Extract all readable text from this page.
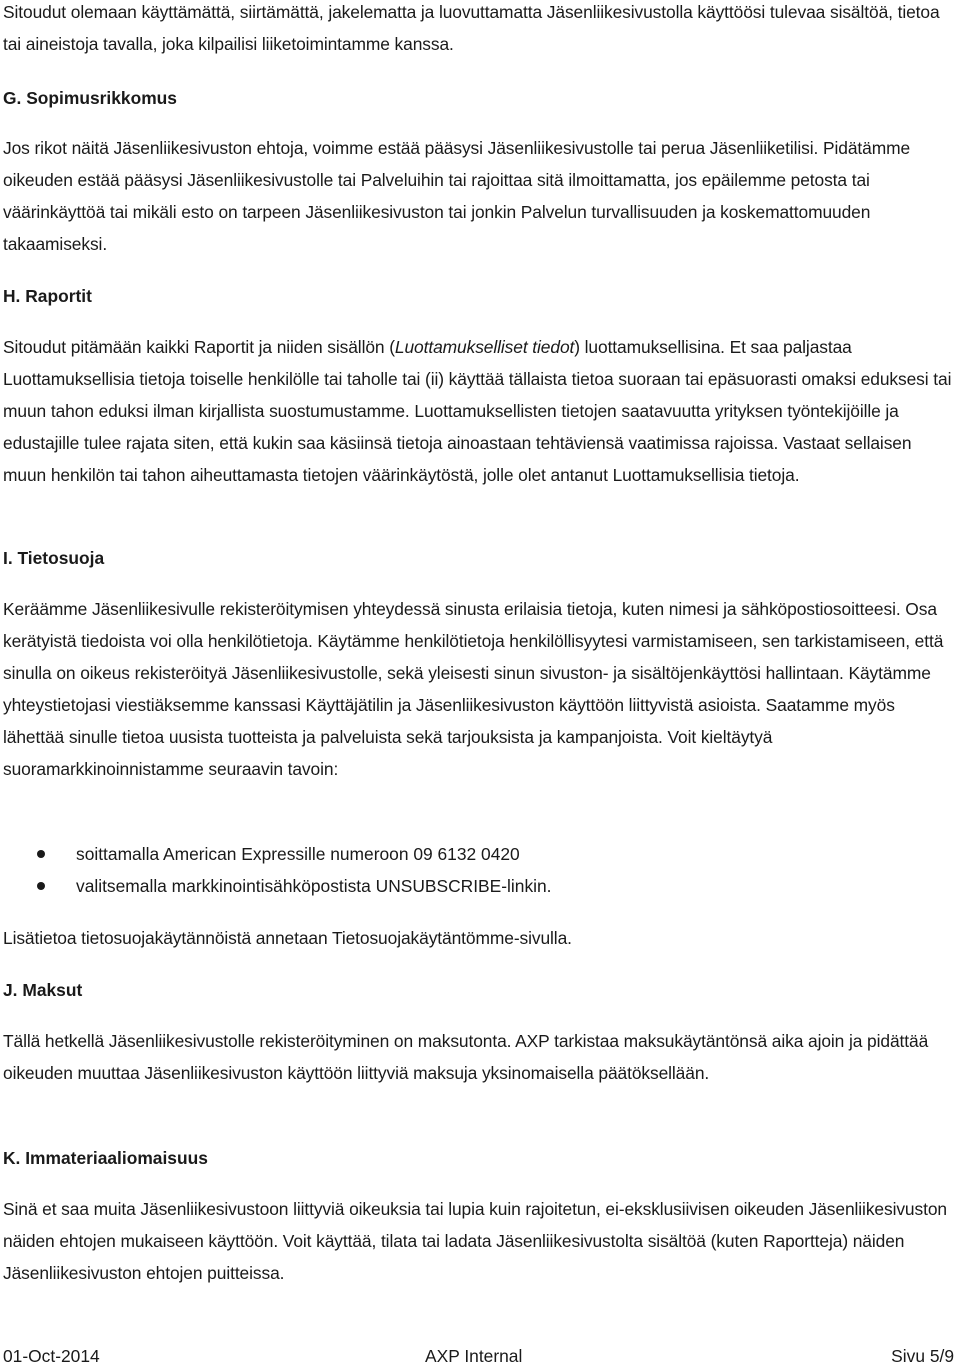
Sitoudut olemaan käyttämättä, siirtämättä, jakelematta ja luovuttamatta Jäsenliikesivustolla käyttöösi tulevaa sisältöä, tietoa tai aineistoja tavalla, joka kilpailisi liiketoimintamme kanssa.

G. Sopimusrikkomus

Jos rikot näitä Jäsenliikesivuston ehtoja, voimme estää pääsysi Jäsenliikesivustolle tai perua Jäsenliiketilisi. Pidätämme oikeuden estää pääsysi Jäsenliikesivustolle tai Palveluihin tai rajoittaa sitä ilmoittamatta, jos epäilemme petosta tai väärinkäyttöä tai mikäli esto on tarpeen Jäsenliikesivuston tai jonkin Palvelun turvallisuuden ja koskemattomuuden takaamiseksi.

H. Raportit

Sitoudut pitämään kaikki Raportit ja niiden sisällön (Luottamukselliset tiedot) luottamuksellisina. Et saa paljastaa Luottamuksellisia tietoja toiselle henkilölle tai taholle tai (ii) käyttää tällaista tietoa suoraan tai epäsuorasti omaksi eduksesi tai muun tahon eduksi ilman kirjallista suostumustamme. Luottamuksellisten tietojen saatavuutta yrityksen työntekijöille ja edustajille tulee rajata siten, että kukin saa käsiinsä tietoja ainoastaan tehtäviensä vaatimissa rajoissa. Vastaat sellaisen muun henkilön tai tahon aiheuttamasta tietojen väärinkäytöstä, jolle olet antanut Luottamuksellisia tietoja.

I. Tietosuoja

Keräämme Jäsenliikesivulle rekisteröitymisen yhteydessä sinusta erilaisia tietoja, kuten nimesi ja sähköpostiosoitteesi. Osa kerätyistä tiedoista voi olla henkilötietoja. Käytämme henkilötietoja henkilöllisyytesi varmistamiseen, sen tarkistamiseen, että sinulla on oikeus rekisteröityä Jäsenliikesivustolle, sekä yleisesti sinun sivuston- ja sisältöjenkäyttösi hallintaan. Käytämme yhteystietojasi viestiäksemme kanssasi Käyttäjätilin ja Jäsenliikesivuston käyttöön liittyvistä asioista. Saatamme myös lähettää sinulle tietoa uusista tuotteista ja palveluista sekä tarjouksista ja kampanjoista. Voit kieltäytyä suoramarkkinoinnistamme seuraavin tavoin:

soittamalla American Expressille numeroon 09 6132 0420
valitsemalla markkinointisähköpostista UNSUBSCRIBE-linkin.

Lisätietoa tietosuojakäytännöistä annetaan Tietosuojakäytäntömme-sivulla.

J. Maksut

Tällä hetkellä Jäsenliikesivustolle rekisteröityminen on maksutonta. AXP tarkistaa maksukäytäntönsä aika ajoin ja pidättää oikeuden muuttaa Jäsenliikesivuston käyttöön liittyviä maksuja yksinomaisella päätöksellään.

K. Immateriaaliomaisuus

Sinä et saa muita Jäsenliikesivustoon liittyviä oikeuksia tai lupia kuin rajoitetun, ei-eksklusiivisen oikeuden Jäsenliikesivuston näiden ehtojen mukaiseen käyttöön. Voit käyttää, tilata tai ladata Jäsenliikesivustolta sisältöä (kuten Raportteja) näiden Jäsenliikesivuston ehtojen puitteissa.

01-Oct-2014	AXP Internal	Sivu 5/9
